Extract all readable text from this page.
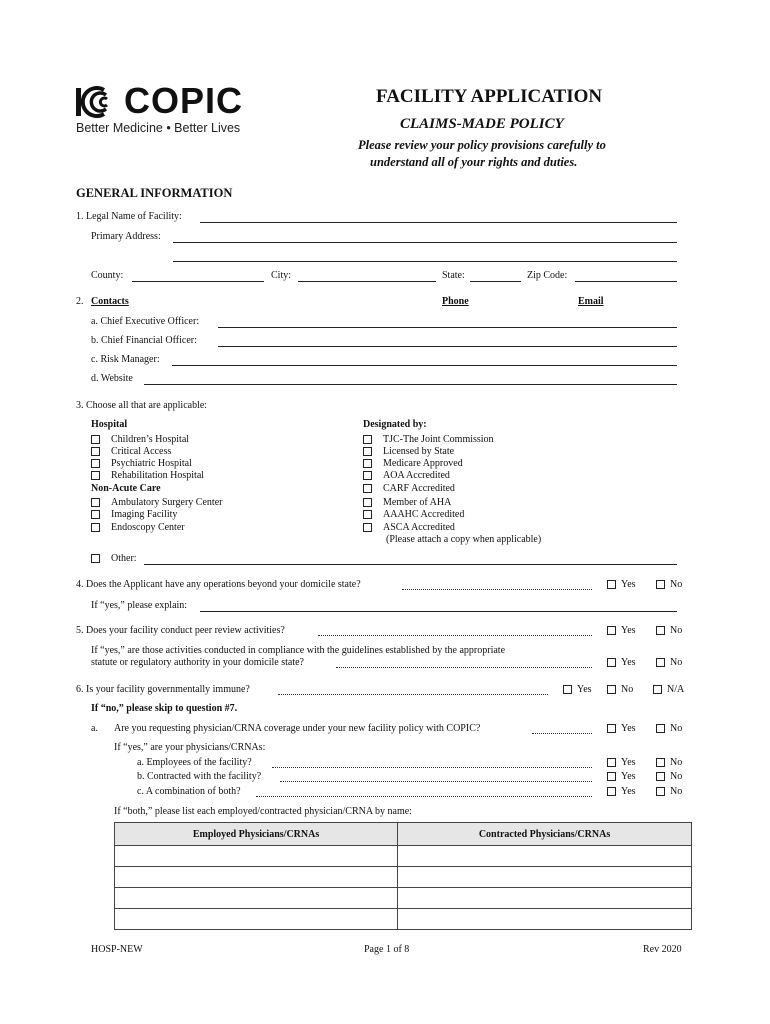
COPIC
Better Medicine • Better Lives
FACILITY APPLICATION
CLAIMS-MADE POLICY
Please review your policy provisions carefully to
understand all of your rights and duties.
GENERAL INFORMATION
1. Legal Name of Facility:
Primary Address:
County:	City:	State:	Zip Code:
2. Contacts	Phone	Email
a. Chief Executive Officer:
b. Chief Financial Officer:
c. Risk Manager:
d. Website
3. Choose all that are applicable:
Hospital
Children’s Hospital
Critical Access
Psychiatric Hospital
Rehabilitation Hospital
Non-Acute Care
Ambulatory Surgery Center
Imaging Facility
Endoscopy Center
Designated by:
TJC-The Joint Commission
Licensed by State
Medicare Approved
AOA Accredited
CARF Accredited
Member of AHA
AAAHC Accredited
ASCA Accredited
(Please attach a copy when applicable)
Other:
4. Does the Applicant have any operations beyond your domicile state?	Yes	No
If “yes,” please explain:
5. Does your facility conduct peer review activities?	Yes	No
If “yes,” are those activities conducted in compliance with the guidelines established by the appropriate
statute or regulatory authority in your domicile state?	Yes	No
6. Is your facility governmentally immune?	Yes	No	N/A
If “no,” please skip to question #7.
a. Are you requesting physician/CRNA coverage under your new facility policy with COPIC?	Yes	No
If “yes,” are your physicians/CRNAs:
a. Employees of the facility?	Yes	No
b. Contracted with the facility?	Yes	No
c. A combination of both?	Yes	No
If “both,” please list each employed/contracted physician/CRNA by name:
Employed Physicians/CRNAs	Contracted Physicians/CRNAs

HOSP-NEW	Page 1 of 8	Rev 2020
